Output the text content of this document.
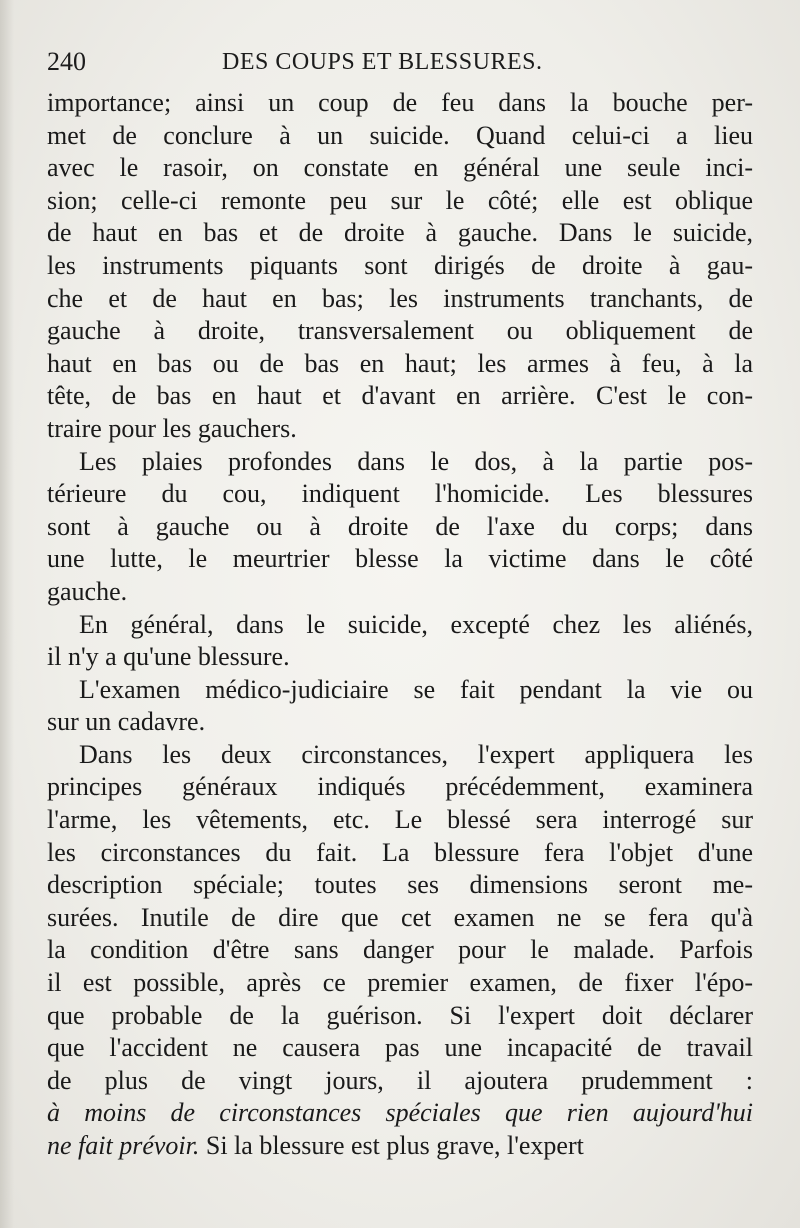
240	DES COUPS ET BLESSURES.
importance; ainsi un coup de feu dans la bouche per-
met de conclure à un suicide. Quand celui-ci a lieu
avec le rasoir, on constate en général une seule inci-
sion; celle-ci remonte peu sur le côté; elle est oblique
de haut en bas et de droite à gauche. Dans le suicide,
les instruments piquants sont dirigés de droite à gau-
che et de haut en bas; les instruments tranchants, de
gauche à droite, transversalement ou obliquement de
haut en bas ou de bas en haut; les armes à feu, à la
tête, de bas en haut et d'avant en arrière. C'est le con-
traire pour les gauchers.
Les plaies profondes dans le dos, à la partie pos-
térieure du cou, indiquent l'homicide. Les blessures
sont à gauche ou à droite de l'axe du corps; dans
une lutte, le meurtrier blesse la victime dans le côté
gauche.
En général, dans le suicide, excepté chez les aliénés,
il n'y a qu'une blessure.
L'examen médico-judiciaire se fait pendant la vie ou
sur un cadavre.
Dans les deux circonstances, l'expert appliquera les
principes généraux indiqués précédemment, examinera
l'arme, les vêtements, etc. Le blessé sera interrogé sur
les circonstances du fait. La blessure fera l'objet d'une
description spéciale; toutes ses dimensions seront me-
surées. Inutile de dire que cet examen ne se fera qu'à
la condition d'être sans danger pour le malade. Parfois
il est possible, après ce premier examen, de fixer l'épo-
que probable de la guérison. Si l'expert doit déclarer
que l'accident ne causera pas une incapacité de travail
de plus de vingt jours, il ajoutera prudemment :
à moins de circonstances spéciales que rien aujourd'hui
ne fait prévoir. Si la blessure est plus grave, l'expert
